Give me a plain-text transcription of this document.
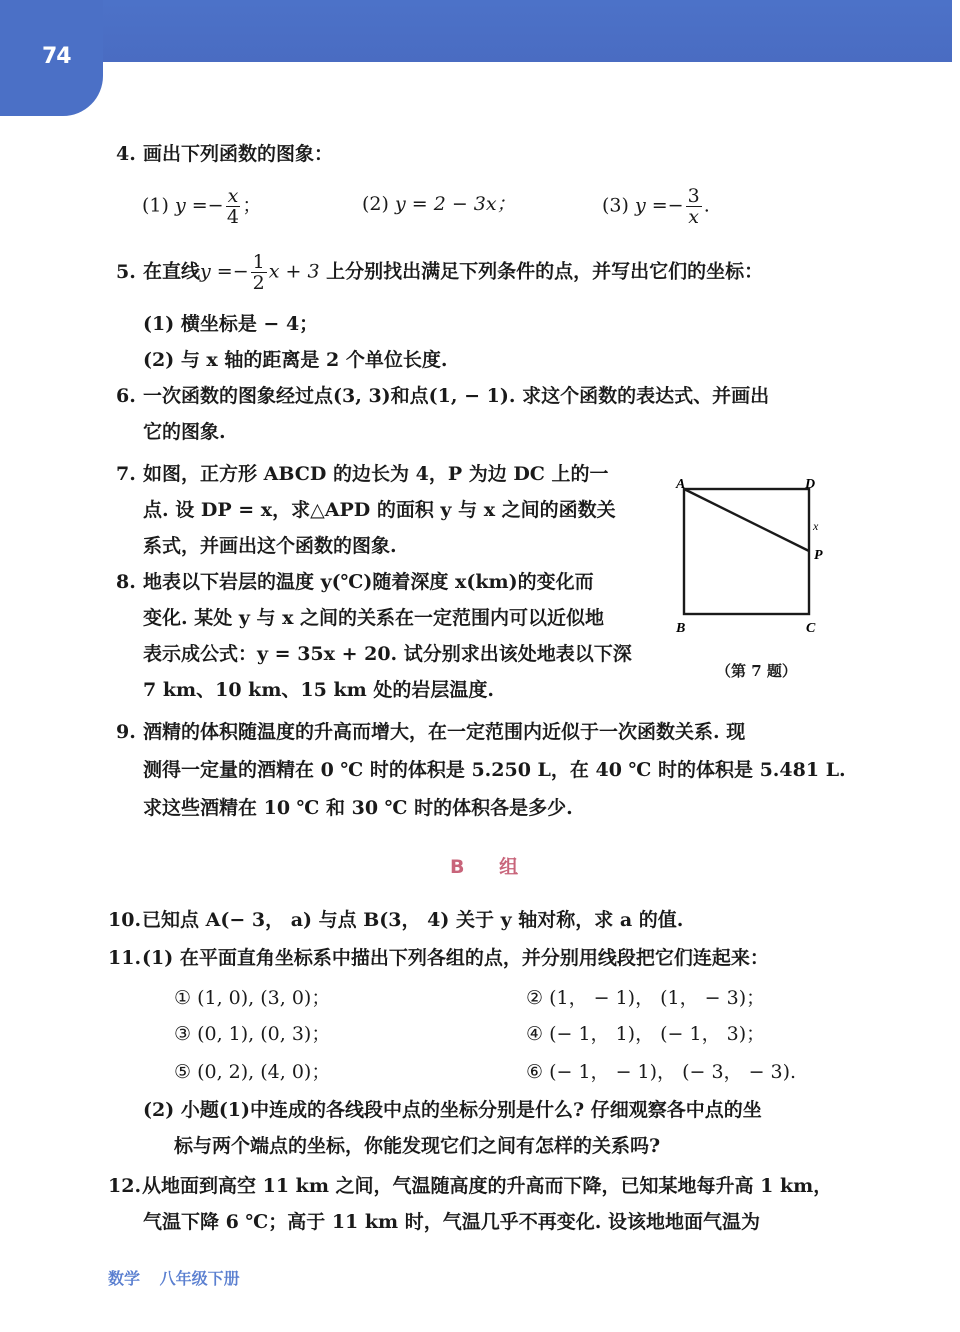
74
4. 画出下列函数的图象：
(1) $y =- \frac{x}{4}$ ；	(2) y = 2 − 3x；	(3) $y =- \frac{3}{x}$ .
5. 在直线$y =- \frac{1}{2}$ x + 3 上分别找出满足下列条件的点，并写出它们的坐标：
(1) 横坐标是 − 4；
(2) 与 x 轴的距离是 2 个单位长度.
6. 一次函数的图象经过点(3, 3)和点(1, − 1). 求这个函数的表达式、并画出
它的图象.
7. 如图，正方形 ABCD 的边长为 4，P 为边 DC 上的一
点. 设 DP = x，求△APD 的面积 y 与 x 之间的函数关
系式，并画出这个函数的图象.
A	D
x
P
B	C
（第 7 题）
8. 地表以下岩层的温度 y(℃)随着深度 x(km)的变化而
变化. 某处 y 与 x 之间的关系在一定范围内可以近似地
表示成公式：y = 35x + 20. 试分别求出该处地表以下深
7 km、10 km、15 km 处的岩层温度.
9. 酒精的体积随温度的升高而增大，在一定范围内近似于一次函数关系. 现
测得一定量的酒精在 0 ℃ 时的体积是 5.250 L，在 40 ℃ 时的体积是 5.481 L.
求这些酒精在 10 ℃ 和 30 ℃ 时的体积各是多少.
B 组
10.已知点 A(− 3， a) 与点 B(3， 4) 关于 y 轴对称，求 a 的值.
11.(1) 在平面直角坐标系中描出下列各组的点，并分别用线段把它们连起来：
① (1, 0), (3, 0)；	② (1， − 1)， (1， − 3)；
③ (0, 1), (0, 3)；	④ (− 1， 1)， (− 1， 3)；
⑤ (0, 2), (4, 0)；	⑥ (− 1， − 1)， (− 3， − 3).
(2) 小题(1)中连成的各线段中点的坐标分别是什么? 仔细观察各中点的坐
标与两个端点的坐标，你能发现它们之间有怎样的关系吗?
12.从地面到高空 11 km 之间，气温随高度的升高而下降，已知某地每升高 1 km，
气温下降 6 ℃；高于 11 km 时，气温几乎不再变化. 设该地地面气温为
数学 八年级下册
